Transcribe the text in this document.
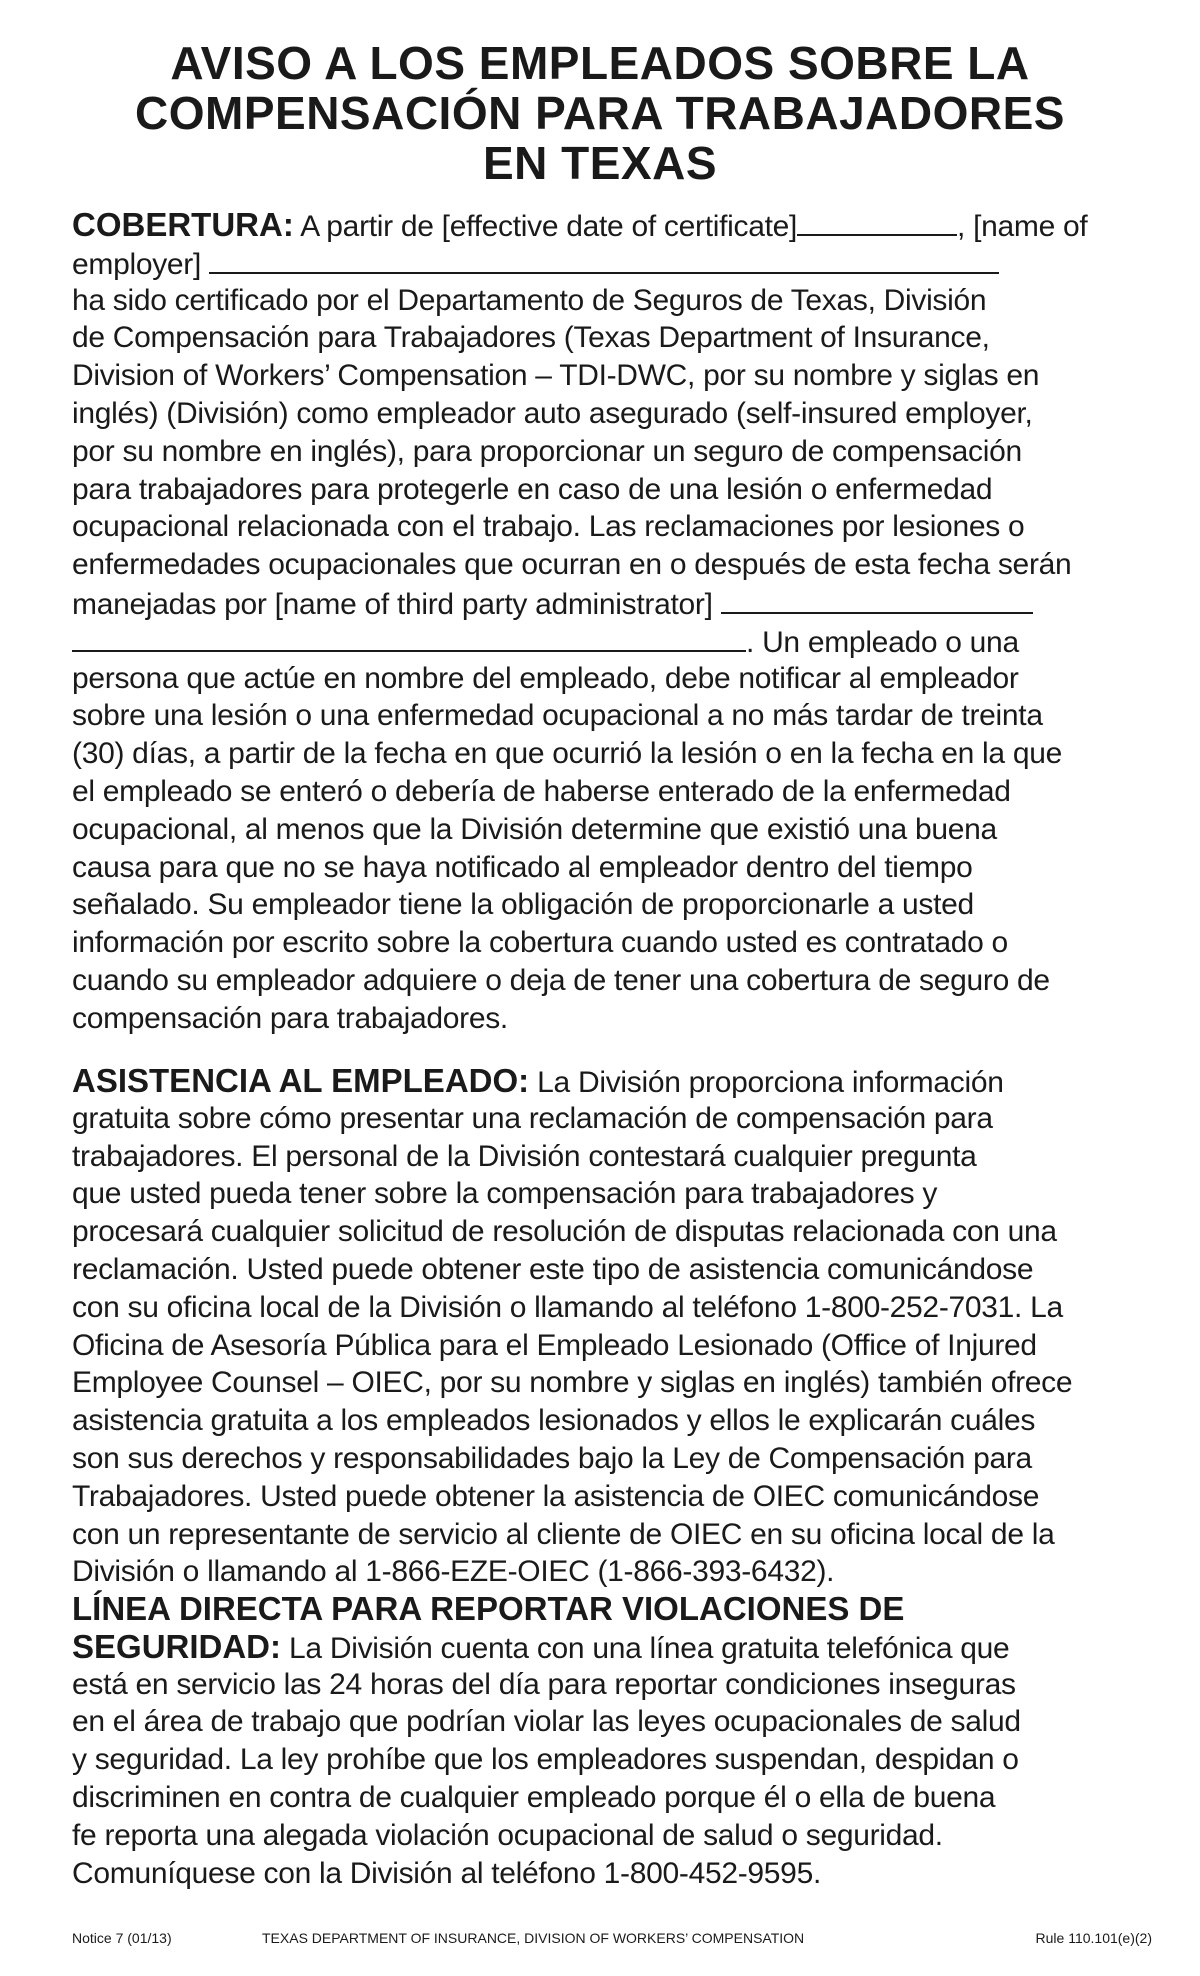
AVISO A LOS EMPLEADOS SOBRE LA
COMPENSACIÓN PARA TRABAJADORES
EN TEXAS
COBERTURA: A partir de [effective date of certificate]	, [name of
employer]
ha sido certificado por el Departamento de Seguros de Texas, División
de Compensación para Trabajadores (Texas Department of Insurance,
Division of Workers’ Compensation – TDI-DWC, por su nombre y siglas en
inglés) (División) como empleador auto asegurado (self-insured employer,
por su nombre en inglés), para proporcionar un seguro de compensación
para trabajadores para protegerle en caso de una lesión o enfermedad
ocupacional relacionada con el trabajo. Las reclamaciones por lesiones o
enfermedades ocupacionales que ocurran en o después de esta fecha serán
manejadas por [name of third party administrator]
. Un empleado o una
persona que actúe en nombre del empleado, debe notificar al empleador
sobre una lesión o una enfermedad ocupacional a no más tardar de treinta
(30) días, a partir de la fecha en que ocurrió la lesión o en la fecha en la que
el empleado se enteró o debería de haberse enterado de la enfermedad
ocupacional, al menos que la División determine que existió una buena
causa para que no se haya notificado al empleador dentro del tiempo
señalado. Su empleador tiene la obligación de proporcionarle a usted
información por escrito sobre la cobertura cuando usted es contratado o
cuando su empleador adquiere o deja de tener una cobertura de seguro de
compensación para trabajadores.
ASISTENCIA AL EMPLEADO: La División proporciona información
gratuita sobre cómo presentar una reclamación de compensación para
trabajadores. El personal de la División contestará cualquier pregunta
que usted pueda tener sobre la compensación para trabajadores y
procesará cualquier solicitud de resolución de disputas relacionada con una
reclamación. Usted puede obtener este tipo de asistencia comunicándose
con su oficina local de la División o llamando al teléfono 1-800-252-7031. La
Oficina de Asesoría Pública para el Empleado Lesionado (Office of Injured
Employee Counsel – OIEC, por su nombre y siglas en inglés) también ofrece
asistencia gratuita a los empleados lesionados y ellos le explicarán cuáles
son sus derechos y responsabilidades bajo la Ley de Compensación para
Trabajadores. Usted puede obtener la asistencia de OIEC comunicándose
con un representante de servicio al cliente de OIEC en su oficina local de la
División o llamando al 1-866-EZE-OIEC (1-866-393-6432).
LÍNEA DIRECTA PARA REPORTAR VIOLACIONES DE
SEGURIDAD: La División cuenta con una línea gratuita telefónica que
está en servicio las 24 horas del día para reportar condiciones inseguras
en el área de trabajo que podrían violar las leyes ocupacionales de salud
y seguridad. La ley prohíbe que los empleadores suspendan, despidan o
discriminen en contra de cualquier empleado porque él o ella de buena
fe reporta una alegada violación ocupacional de salud o seguridad.
Comuníquese con la División al teléfono 1-800-452-9595.
Notice 7 (01/13)	TEXAS DEPARTMENT OF INSURANCE, DIVISION OF WORKERS’ COMPENSATION	Rule 110.101(e)(2)
